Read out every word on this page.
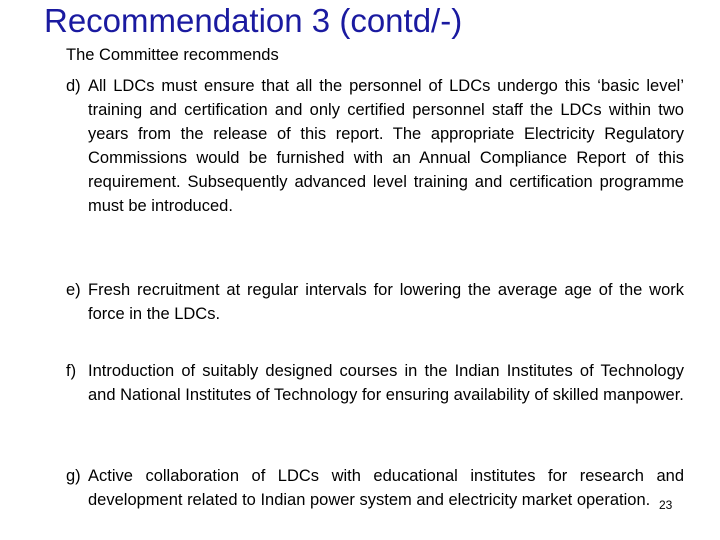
Recommendation 3 (contd/-)
The Committee recommends
d) All LDCs must ensure that all the personnel of LDCs undergo this ‘basic level’ training and certification and only certified personnel staff the LDCs within two years from the release of this report. The appropriate Electricity Regulatory Commissions would be furnished with an Annual Compliance Report of this requirement. Subsequently advanced level training and certification programme must be introduced.
e) Fresh recruitment at regular intervals for lowering the average age of the work force in the LDCs.
f) Introduction of suitably designed courses in the Indian Institutes of Technology and National Institutes of Technology for ensuring availability of skilled manpower.
g) Active collaboration of LDCs with educational institutes for research and development related to Indian power system and electricity market operation. 23
